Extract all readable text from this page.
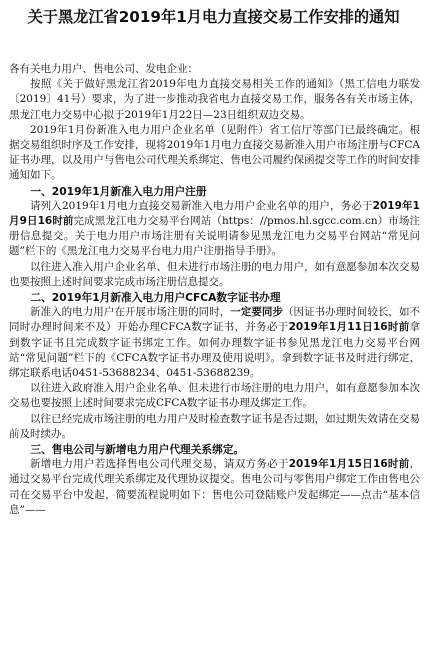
关于黑龙江省2019年1月电力直接交易工作安排的通知

各有关电力用户、售电公司、发电企业：

按照《关于做好黑龙江省2019年电力直接交易相关工作的通知》（黑工信电力联发〔2019〕41号）要求，为了进一步推动我省电力直接交易工作，服务各有关市场主体，黑龙江电力交易中心拟于2019年1月22日—23日组织双边交易。

2019年1月份新准入电力用户企业名单（见附件）省工信厅等部门已最终确定。根据交易组织时序及工作安排，现将2019年1月电力直接交易新准入用户市场注册与CFCA证书办理，以及用户与售电公司代理关系绑定、售电公司履约保函提交等工作的时间安排通知如下。

一、2019年1月新准入电力用户注册

请列入2019年1月电力直接交易新准入电力用户企业名单的用户，务必于2019年1月9日16时前完成黑龙江电力交易平台网站（https：//pmos.hl.sgcc.com.cn）市场注册信息提交。关于电力用户市场注册有关说明请参见黑龙江电力交易平台网站“常见问题”栏下的《黑龙江电力交易平台电力用户注册指导手册》。

以往进入准入用户企业名单、但未进行市场注册的电力用户，如有意愿参加本次交易也要按照上述时间要求完成市场注册信息提交。

二、2019年1月新准入电力用户CFCA数字证书办理

新准入的电力用户在开展市场注册的同时，一定要同步（因证书办理时间较长，如不同时办理时间来不及）开始办理CFCA数字证书，并务必于2019年1月11日16时前拿到数字证书且完成数字证书绑定工作。如何办理数字证书参见黑龙江电力交易平台网站“常见问题”栏下的《CFCA数字证书办理及使用说明》。拿到数字证书及时进行绑定，绑定联系电话0451-53688234、0451-53688239。

以往进入政府准入用户企业名单、但未进行市场注册的电力用户，如有意愿参加本次交易也要按照上述时间要求完成CFCA数字证书办理及绑定工作。

以往已经完成市场注册的电力用户及时检查数字证书是否过期，如过期失效请在交易前及时续办。

三、售电公司与新增电力用户代理关系绑定。

新增电力用户若选择售电公司代理交易，请双方务必于2019年1月15日16时前，通过交易平台完成代理关系绑定及代理协议提交。售电公司与零售用户绑定工作由售电公司在交易平台中发起，简要流程说明如下：售电公司登陆账户发起绑定——点击“基本信息”——
